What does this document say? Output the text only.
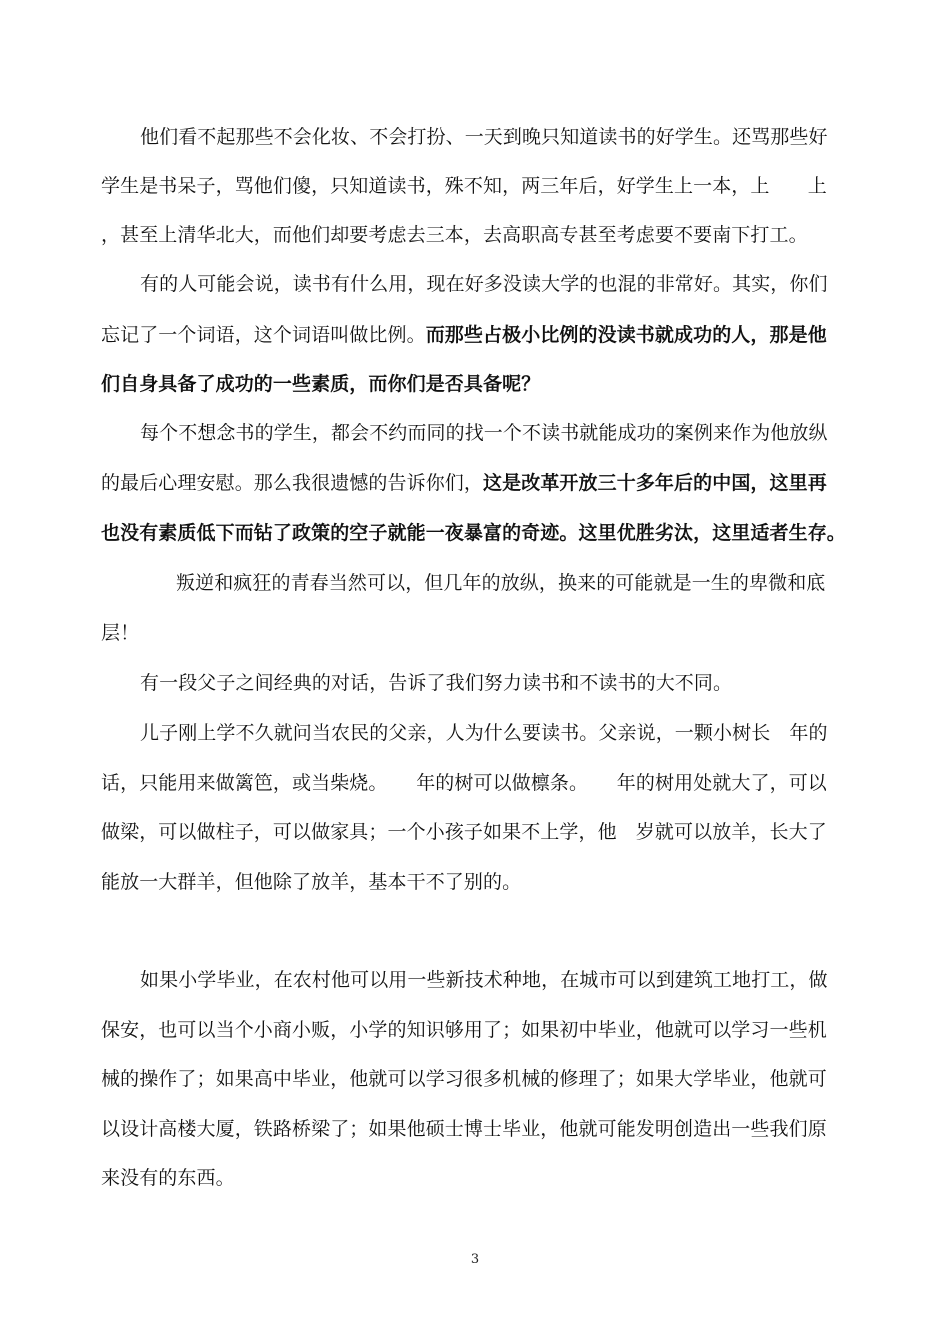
他们看不起那些不会化妆、不会打扮、一天到晚只知道读书的好学生。还骂那些好
学生是书呆子，骂他们傻，只知道读书，殊不知，两三年后，好学生上一本，上　　上
，甚至上清华北大，而他们却要考虑去三本，去高职高专甚至考虑要不要南下打工。
有的人可能会说，读书有什么用，现在好多没读大学的也混的非常好。其实，你们
忘记了一个词语，这个词语叫做比例。而那些占极小比例的没读书就成功的人，那是他
们自身具备了成功的一些素质，而你们是否具备呢？
每个不想念书的学生，都会不约而同的找一个不读书就能成功的案例来作为他放纵
的最后心理安慰。那么我很遗憾的告诉你们，这是改革开放三十多年后的中国，这里再
也没有素质低下而钻了政策的空子就能一夜暴富的奇迹。这里优胜劣汰，这里适者生存。
叛逆和疯狂的青春当然可以，但几年的放纵，换来的可能就是一生的卑微和底
层！
有一段父子之间经典的对话，告诉了我们努力读书和不读书的大不同。
儿子刚上学不久就问当农民的父亲，人为什么要读书。父亲说，一颗小树长　年的
话，只能用来做篱笆，或当柴烧。　　年的树可以做檩条。　　年的树用处就大了，可以
做梁，可以做柱子，可以做家具；一个小孩子如果不上学，他　岁就可以放羊，长大了
能放一大群羊，但他除了放羊，基本干不了别的。
如果小学毕业，在农村他可以用一些新技术种地，在城市可以到建筑工地打工，做
保安，也可以当个小商小贩，小学的知识够用了；如果初中毕业，他就可以学习一些机
械的操作了；如果高中毕业，他就可以学习很多机械的修理了；如果大学毕业，他就可
以设计高楼大厦，铁路桥梁了；如果他硕士博士毕业，他就可能发明创造出一些我们原
来没有的东西。
3
